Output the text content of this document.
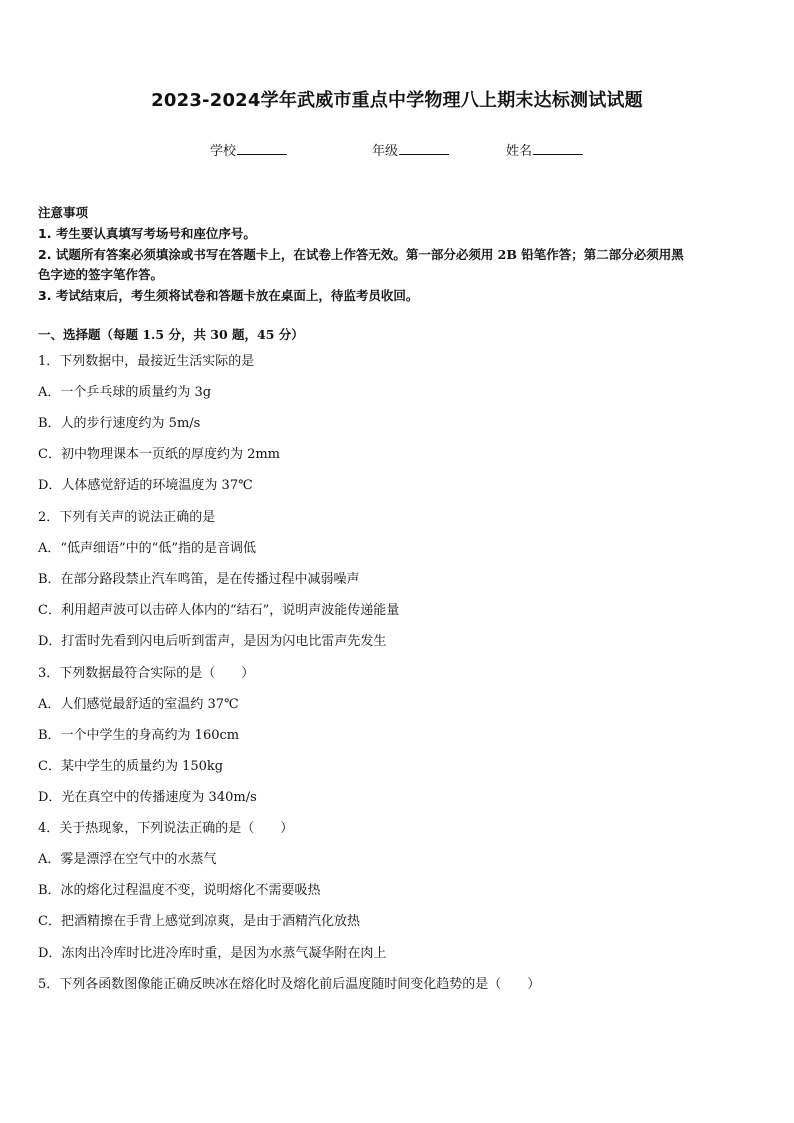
2023-2024学年武威市重点中学物理八上期末达标测试试题
学校	年级	姓名
注意事项
1. 考生要认真填写考场号和座位序号。
2. 试题所有答案必须填涂或书写在答题卡上，在试卷上作答无效。第一部分必须用 2B 铅笔作答；第二部分必须用黑
色字迹的签字笔作答。
3. 考试结束后，考生须将试卷和答题卡放在桌面上，待监考员收回。
一、选择题（每题 1.5 分，共 30 题，45 分）
1．下列数据中，最接近生活实际的是
A．一个乒乓球的质量约为 3g
B．人的步行速度约为 5m/s
C．初中物理课本一页纸的厚度约为 2mm
D．人体感觉舒适的环境温度为 37℃
2．下列有关声的说法正确的是
A．“低声细语”中的“低”指的是音调低
B．在部分路段禁止汽车鸣笛，是在传播过程中减弱噪声
C．利用超声波可以击碎人体内的“结石”，说明声波能传递能量
D．打雷时先看到闪电后听到雷声，是因为闪电比雷声先发生
3．下列数据最符合实际的是（　　）
A．人们感觉最舒适的室温约 37℃
B．一个中学生的身高约为 160cm
C．某中学生的质量约为 150kg
D．光在真空中的传播速度为 340m/s
4．关于热现象，下列说法正确的是（　　）
A．雾是漂浮在空气中的水蒸气
B．冰的熔化过程温度不变，说明熔化不需要吸热
C．把酒精擦在手背上感觉到凉爽，是由于酒精汽化放热
D．冻肉出冷库时比进冷库时重，是因为水蒸气凝华附在肉上
5．下列各函数图像能正确反映冰在熔化时及熔化前后温度随时间变化趋势的是（　　）
